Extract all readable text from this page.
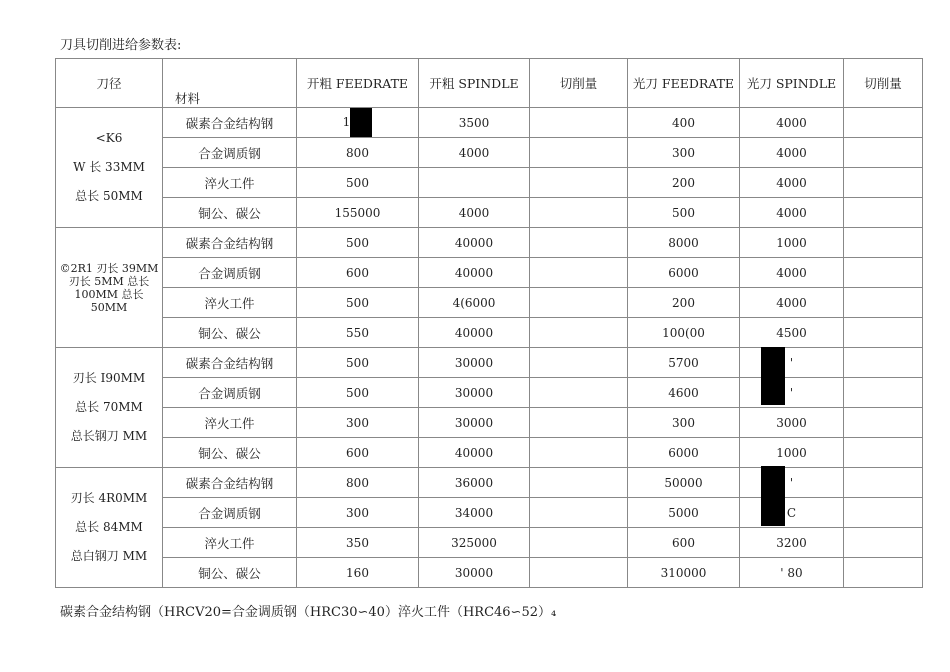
刀具切削进给参数表:
刀径	材料	开粗 FEEDRATE	开粗 SPINDLE	切削量	光刀 FEEDRATE	光刀 SPINDLE	切削量

<K6
W 长 33MM
总长 50MM	碳素合金结构钢	1	3500		400	4000	
	合金调质钢	800	4000		300	4000	
	淬火工件	500			200	4000	
	铜公、碳公	155000	4000		500	4000	

©2R1 刃长 39MM
刃长 5MM 总长
100MM 总长 50MM	碳素合金结构钢	500	40000		8000	1000	
	合金调质钢	600	40000		6000	4000	
	淬火工件	500	4(6000		200	4000	
	铜公、碳公	550	40000		100(00	4500	

刃长 I90MM
总长 70MM
总长钢刀 MM	碳素合金结构钢	500	30000		5700	'	
	合金调质钢	500	30000		4600	'	
	淬火工件	300	30000		300	3000	
	铜公、碳公	600	40000		6000	1000	

刃长 4R0MM
总长 84MM
总白钢刀 MM	碳素合金结构钢	800	36000		50000	'	
	合金调质钢	300	34000		5000	C	
	淬火工件	350	325000		600	3200	
	铜公、碳公	160	30000		310000	' 80	
碳素合金结构钢（HRCV20=合金调质钢（HRC30∽40）淬火工件（HRC46∽52）₄
